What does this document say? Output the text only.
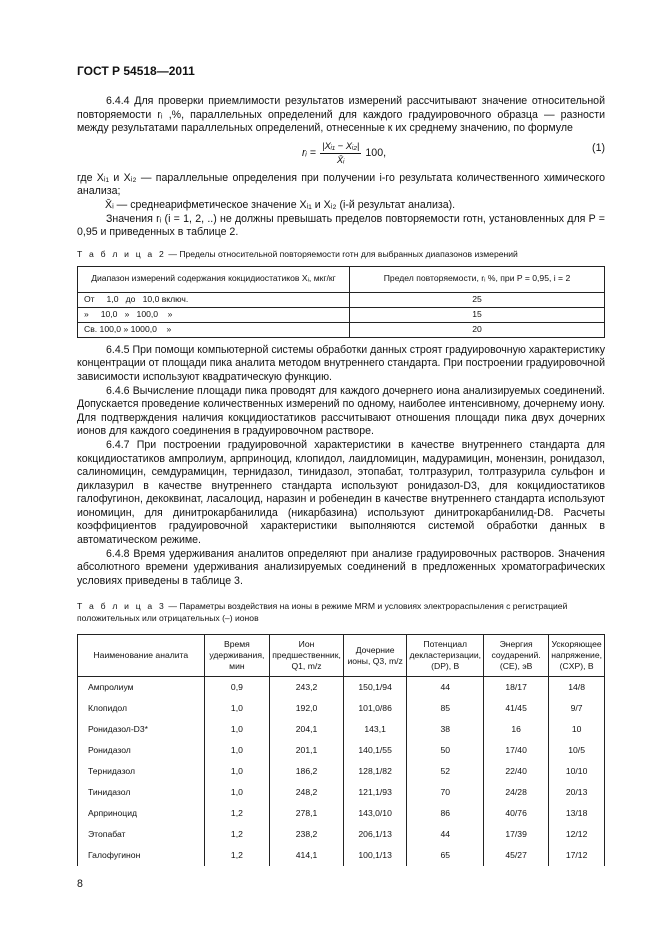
ГОСТ Р 54518—2011

6.4.4 Для проверки приемлимости результатов измерений рассчитывают значение относительной повторяемости rᵢ ,%, параллельных определений для каждого градуировочного образца — разности между результатами параллельных определений, отнесенные к их среднему значению, по формуле

rᵢ = $\frac{\text{|Xᵢ₁ − Xᵢ₂|}}{\text{X̄ᵢ}} 100$,	(1)

где Xᵢ₁ и Xᵢ₂ — параллельные определения при получении i-го результата количественного химического анализа;

X̄ᵢ — среднеарифметическое значение Xᵢ₁ и Xᵢ₂ (i-й результат анализа).

Значения rᵢ (i = 1, 2, ..) не должны превышать пределов повторяемости rотн, установленных для P = 0,95 и приведенных в таблице 2.

Т а б л и ц а 2 — Пределы относительной повторяемости rотн для выбранных диапазонов измерений

Диапазон измерений содержания кокцидиостатиков Xᵢ, мкг/кг	Предел повторяемости, rᵢ %, при P = 0,95, i = 2
От     1,0   до   10,0 включ.	25
»     10,0   »   100,0    »	15
Св. 100,0 » 1000,0    »	20

6.4.5 При помощи компьютерной системы обработки данных строят градуировочную характеристику концентрации от площади пика аналита методом внутреннего стандарта. При построении градуировочной зависимости используют квадратическую функцию.

6.4.6 Вычисление площади пика проводят для каждого дочернего иона анализируемых соединений. Допускается проведение количественных измерений по одному, наиболее интенсивному, дочернему иону. Для подтверждения наличия кокцидиостатиков рассчитывают отношения площади пика двух дочерних ионов для каждого соединения в градуировочном растворе.

6.4.7 При построении градуировочной характеристики в качестве внутреннего стандарта для кокцидиостатиков ампролиум, арприноцид, клопидол, лаидломицин, мадурамицин, монензин, ронидазол, салиномицин, семдурамицин, тернидазол, тинидазол, этопабат, толтразурил, толтразурила сульфон и диклазурил в качестве внутреннего стандарта используют ронидазол-D3, для кокцидиостатиков галофугинон, декоквинат, ласалоцид, наразин и робенедин в качестве внутреннего стандарта используют иономицин, для динитрокарбанилида (никарбазина) используют динитрокарбанилид-D8. Расчеты коэффициентов градуировочной характеристики выполняются системой обработки данных в автоматическом режиме.

6.4.8 Время удерживания аналитов определяют при анализе градуировочных растворов. Значения абсолютного времени удерживания анализируемых соединений в предложенных хроматографических условиях приведены в таблице 3.

Т а б л и ц а 3 — Параметры воздействия на ионы в режиме MRM и условиях электрораспыления с регистрацией положительных или отрицательных (–) ионов

Наименование аналита	Время удерживания, мин	Ион предшественник, Q1, m/z	Дочерние ионы, Q3, m/z	Потенциал декластеризации, (DP), В	Энергия соударений. (CE), эВ	Ускоряющее напряжение, (CXP), В
Ампролиум	0,9	243,2	150,1/94	44	18/17	14/8
Клопидол	1,0	192,0	101,0/86	85	41/45	9/7
Ронидазол-D3*	1,0	204,1	143,1	38	16	10
Ронидазол	1,0	201,1	140,1/55	50	17/40	10/5
Тернидазол	1,0	186,2	128,1/82	52	22/40	10/10
Тинидазол	1,0	248,2	121,1/93	70	24/28	20/13
Арприноцид	1,2	278,1	143,0/10	86	40/76	13/18
Этопабат	1,2	238,2	206,1/13	44	17/39	12/12
Галофугинон	1,2	414,1	100,1/13	65	45/27	17/12
8
